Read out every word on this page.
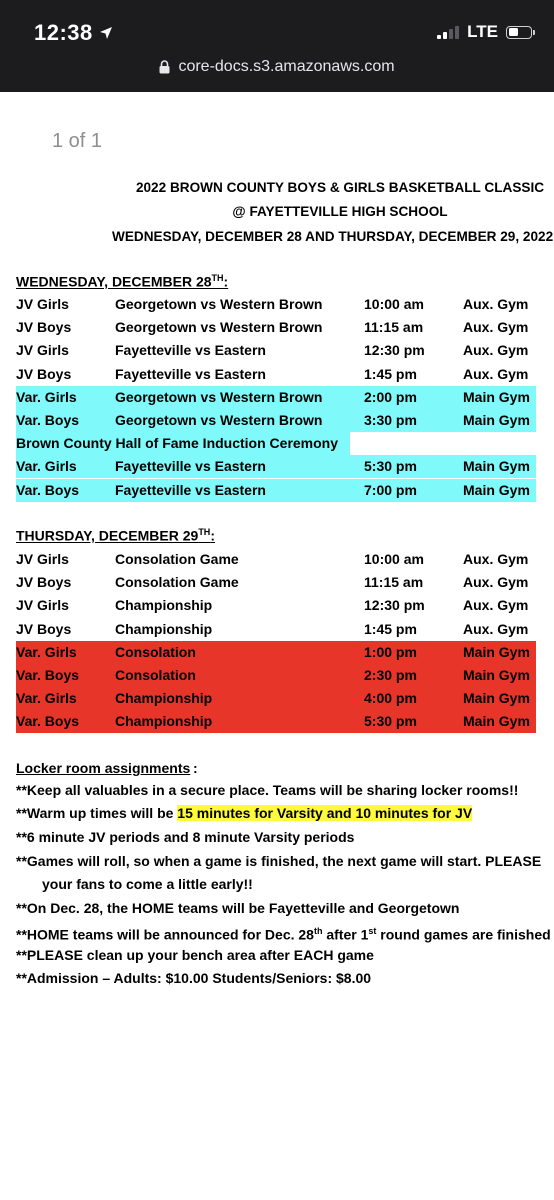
12:38	LTE
core-docs.s3.amazonaws.com
1 of 1
2022 BROWN COUNTY BOYS & GIRLS BASKETBALL CLASSIC
@ FAYETTEVILLE HIGH SCHOOL
WEDNESDAY, DECEMBER 28 AND THURSDAY, DECEMBER 29, 2022
WEDNESDAY, DECEMBER 28TH:
JV Girls	Georgetown vs Western Brown	10:00 am	Aux. Gym
JV Boys	Georgetown vs Western Brown	11:15 am	Aux. Gym
JV Girls	Fayetteville vs Eastern	12:30 pm	Aux. Gym
JV Boys	Fayetteville vs Eastern	1:45 pm	Aux. Gym
Var. Girls	Georgetown vs Western Brown	2:00 pm	Main Gym
Var. Boys	Georgetown vs Western Brown	3:30 pm	Main Gym
Brown County Hall of Fame Induction Ceremony
Var. Girls	Fayetteville vs Eastern	5:30 pm	Main Gym
Var. Boys	Fayetteville vs Eastern	7:00 pm	Main Gym
THURSDAY, DECEMBER 29TH:
JV Girls	Consolation Game	10:00 am	Aux. Gym
JV Boys	Consolation Game	11:15 am	Aux. Gym
JV Girls	Championship	12:30 pm	Aux. Gym
JV Boys	Championship	1:45 pm	Aux. Gym
Var. Girls	Consolation	1:00 pm	Main Gym
Var. Boys	Consolation	2:30 pm	Main Gym
Var. Girls	Championship	4:00 pm	Main Gym
Var. Boys	Championship	5:30 pm	Main Gym
Locker room assignments :
**Keep all valuables in a secure place. Teams will be sharing locker rooms!!
**Warm up times will be 15 minutes for Varsity and 10 minutes for JV
**6 minute JV periods and 8 minute Varsity periods
**Games will roll, so when a game is finished, the next game will start. PLEASE
your fans to come a little early!!
**On Dec. 28, the HOME teams will be Fayetteville and Georgetown
**HOME teams will be announced for Dec. 28th after 1st round games are finished
**PLEASE clean up your bench area after EACH game
**Admission – Adults: $10.00 Students/Seniors: $8.00
